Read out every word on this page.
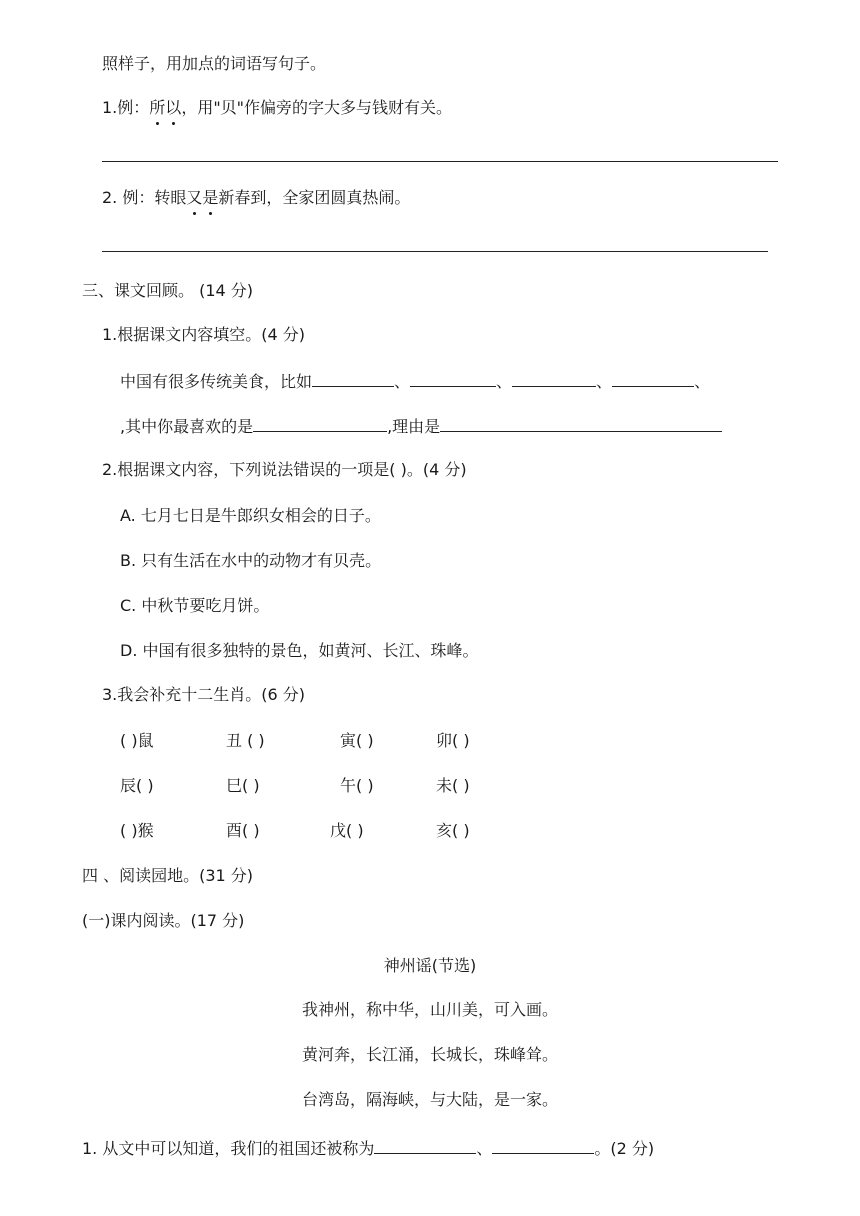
照样子，用加点的词语写句子。
1.例：所以，用"贝"作偏旁的字大多与钱财有关。
2. 例：转眼又是新春到，全家团圆真热闹。
三、课文回顾。 (14 分)
1.根据课文内容填空。(4 分)
中国有很多传统美食，比如	、	、	、	、
,其中你最喜欢的是	,理由是
2.根据课文内容，下列说法错误的一项是( )。(4 分)
A. 七月七日是牛郎织女相会的日子。
B. 只有生活在水中的动物才有贝壳。
C. 中秋节要吃月饼。
D. 中国有很多独特的景色，如黄河、长江、珠峰。
3.我会补充十二生肖。(6 分)
( )鼠	丑 ( )	寅( )	卯( )
辰( )	巳( )	午( )	未( )
( )猴	酉( )	戊( )	亥( )
四 、阅读园地。(31 分)
(一)课内阅读。(17 分)
神州谣(节选)
我神州，称中华，山川美，可入画。
黄河奔，长江涌，长城长，珠峰耸。
台湾岛，隔海峡，与大陆，是一家。
1. 从文中可以知道，我们的祖国还被称为	、	。(2 分)
